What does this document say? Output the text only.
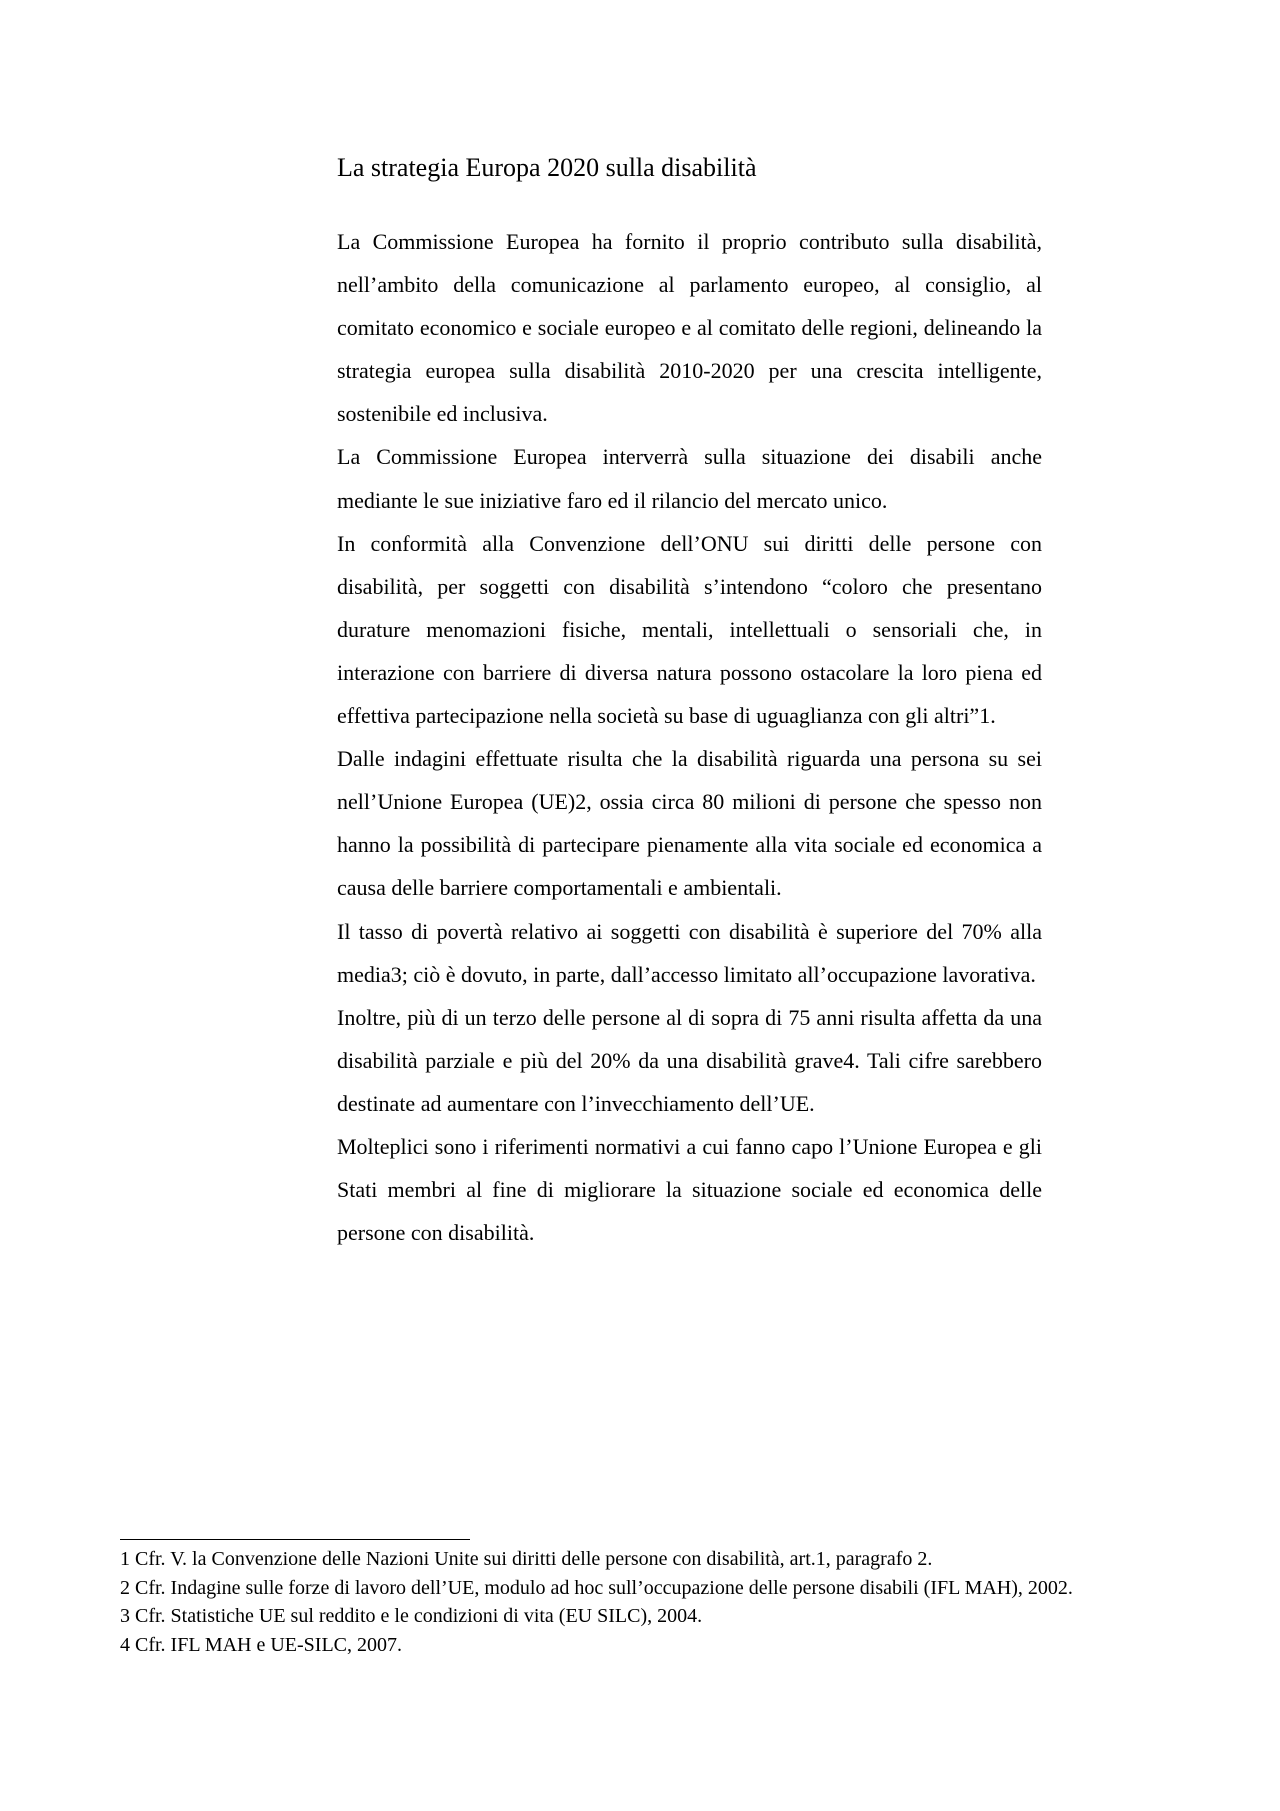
La strategia Europa 2020 sulla disabilità

La Commissione Europea ha fornito il proprio contributo sulla disabilità, nell’ambito della comunicazione al parlamento europeo, al consiglio, al comitato economico e sociale europeo e al comitato delle regioni, delineando la strategia europea sulla disabilità 2010-2020 per una crescita intelligente, sostenibile ed inclusiva.

La Commissione Europea interverrà sulla situazione dei disabili anche mediante le sue iniziative faro ed il rilancio del mercato unico.

In conformità alla Convenzione dell’ONU sui diritti delle persone con disabilità, per soggetti con disabilità s’intendono “coloro che presentano durature menomazioni fisiche, mentali, intellettuali o sensoriali che, in interazione con barriere di diversa natura possono ostacolare la loro piena ed effettiva partecipazione nella società su base di uguaglianza con gli altri”1.

Dalle indagini effettuate risulta che la disabilità riguarda una persona su sei nell’Unione Europea (UE)2, ossia circa 80 milioni di persone che spesso non hanno la possibilità di partecipare pienamente alla vita sociale ed economica a causa delle barriere comportamentali e ambientali.

Il tasso di povertà relativo ai soggetti con disabilità è superiore del 70% alla media3; ciò è dovuto, in parte, dall’accesso limitato all’occupazione lavorativa.

Inoltre, più di un terzo delle persone al di sopra di 75 anni risulta affetta da una disabilità parziale e più del 20% da una disabilità grave4. Tali cifre sarebbero destinate ad aumentare con l’invecchiamento dell’UE.

Molteplici sono i riferimenti normativi a cui fanno capo l’Unione Europea e gli Stati membri al fine di migliorare la situazione sociale ed economica delle persone con disabilità.

1 Cfr. V. la Convenzione delle Nazioni Unite sui diritti delle persone con disabilità, art.1, paragrafo 2.

2 Cfr. Indagine sulle forze di lavoro dell’UE, modulo ad hoc sull’occupazione delle persone disabili (IFL MAH), 2002.

3 Cfr. Statistiche UE sul reddito e le condizioni di vita (EU SILC), 2004.

4 Cfr. IFL MAH e UE-SILC, 2007.
